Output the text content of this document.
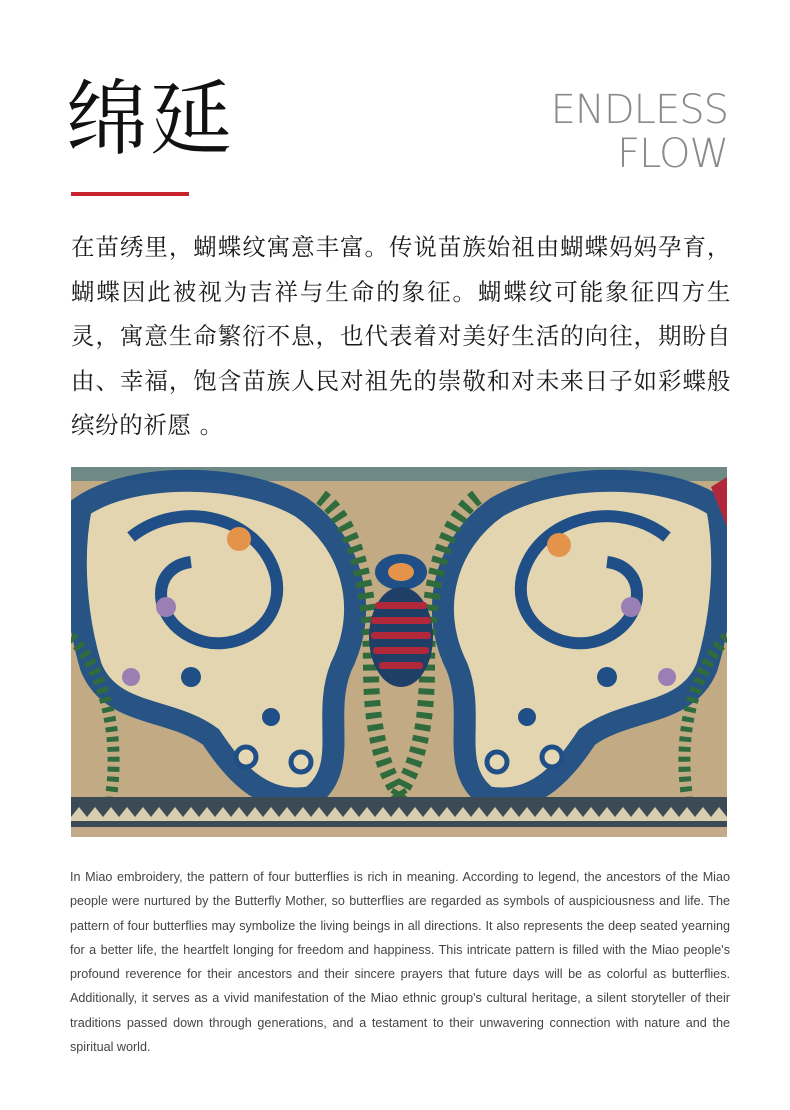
绵延	ENDLESS
FLOW
在苗绣里，蝴蝶纹寓意丰富。传说苗族始祖由蝴蝶妈妈孕育，蝴蝶因此被视为吉祥与生命的象征。蝴蝶纹可能象征四方生灵，寓意生命繁衍不息，也代表着对美好生活的向往，期盼自由、幸福，饱含苗族人民对祖先的崇敬和对未来日子如彩蝶般缤纷的祈愿 。
In Miao embroidery, the pattern of four butterflies is rich in meaning. According to legend, the ancestors of the Miao people were nurtured by the Butterfly Mother, so butterflies are regarded as symbols of auspiciousness and life. The pattern of four butterflies may symbolize the living beings in all directions. It also represents the deep seated yearning for a better life, the heartfelt longing for freedom and happiness. This intricate pattern is filled with the Miao people's profound reverence for their ancestors and their sincere prayers that future days will be as colorful as butterflies. Additionally, it serves as a vivid manifestation of the Miao ethnic group's cultural heritage, a silent storyteller of their traditions passed down through generations, and a testament to their unwavering connection with nature and the spiritual world.
